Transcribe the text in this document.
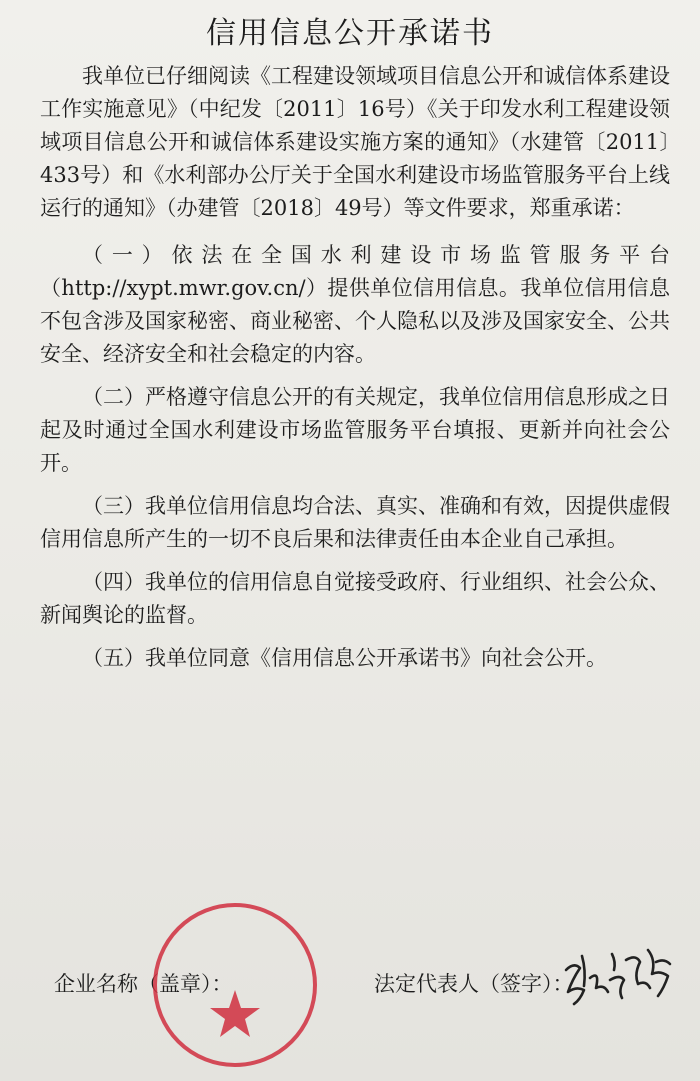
信用信息公开承诺书

我单位已仔细阅读《工程建设领域项目信息公开和诚信体系建设工作实施意见》（中纪发〔2011〕16号）《关于印发水利工程建设领域项目信息公开和诚信体系建设实施方案的通知》（水建管〔2011〕433号）和《水利部办公厅关于全国水利建设市场监管服务平台上线运行的通知》（办建管〔2018〕49号）等文件要求，郑重承诺：

（一）依法在全国水利建设市场监管服务平台（http://xypt.mwr.gov.cn/）提供单位信用信息。我单位信用信息不包含涉及国家秘密、商业秘密、个人隐私以及涉及国家安全、公共安全、经济安全和社会稳定的内容。

（二）严格遵守信息公开的有关规定，我单位信用信息形成之日起及时通过全国水利建设市场监管服务平台填报、更新并向社会公开。

（三）我单位信用信息均合法、真实、准确和有效，因提供虚假信用信息所产生的一切不良后果和法律责任由本企业自己承担。

（四）我单位的信用信息自觉接受政府、行业组织、社会公众、新闻舆论的监督。

（五）我单位同意《信用信息公开承诺书》向社会公开。

企业名称（盖章）：	法定代表人（签字）：
